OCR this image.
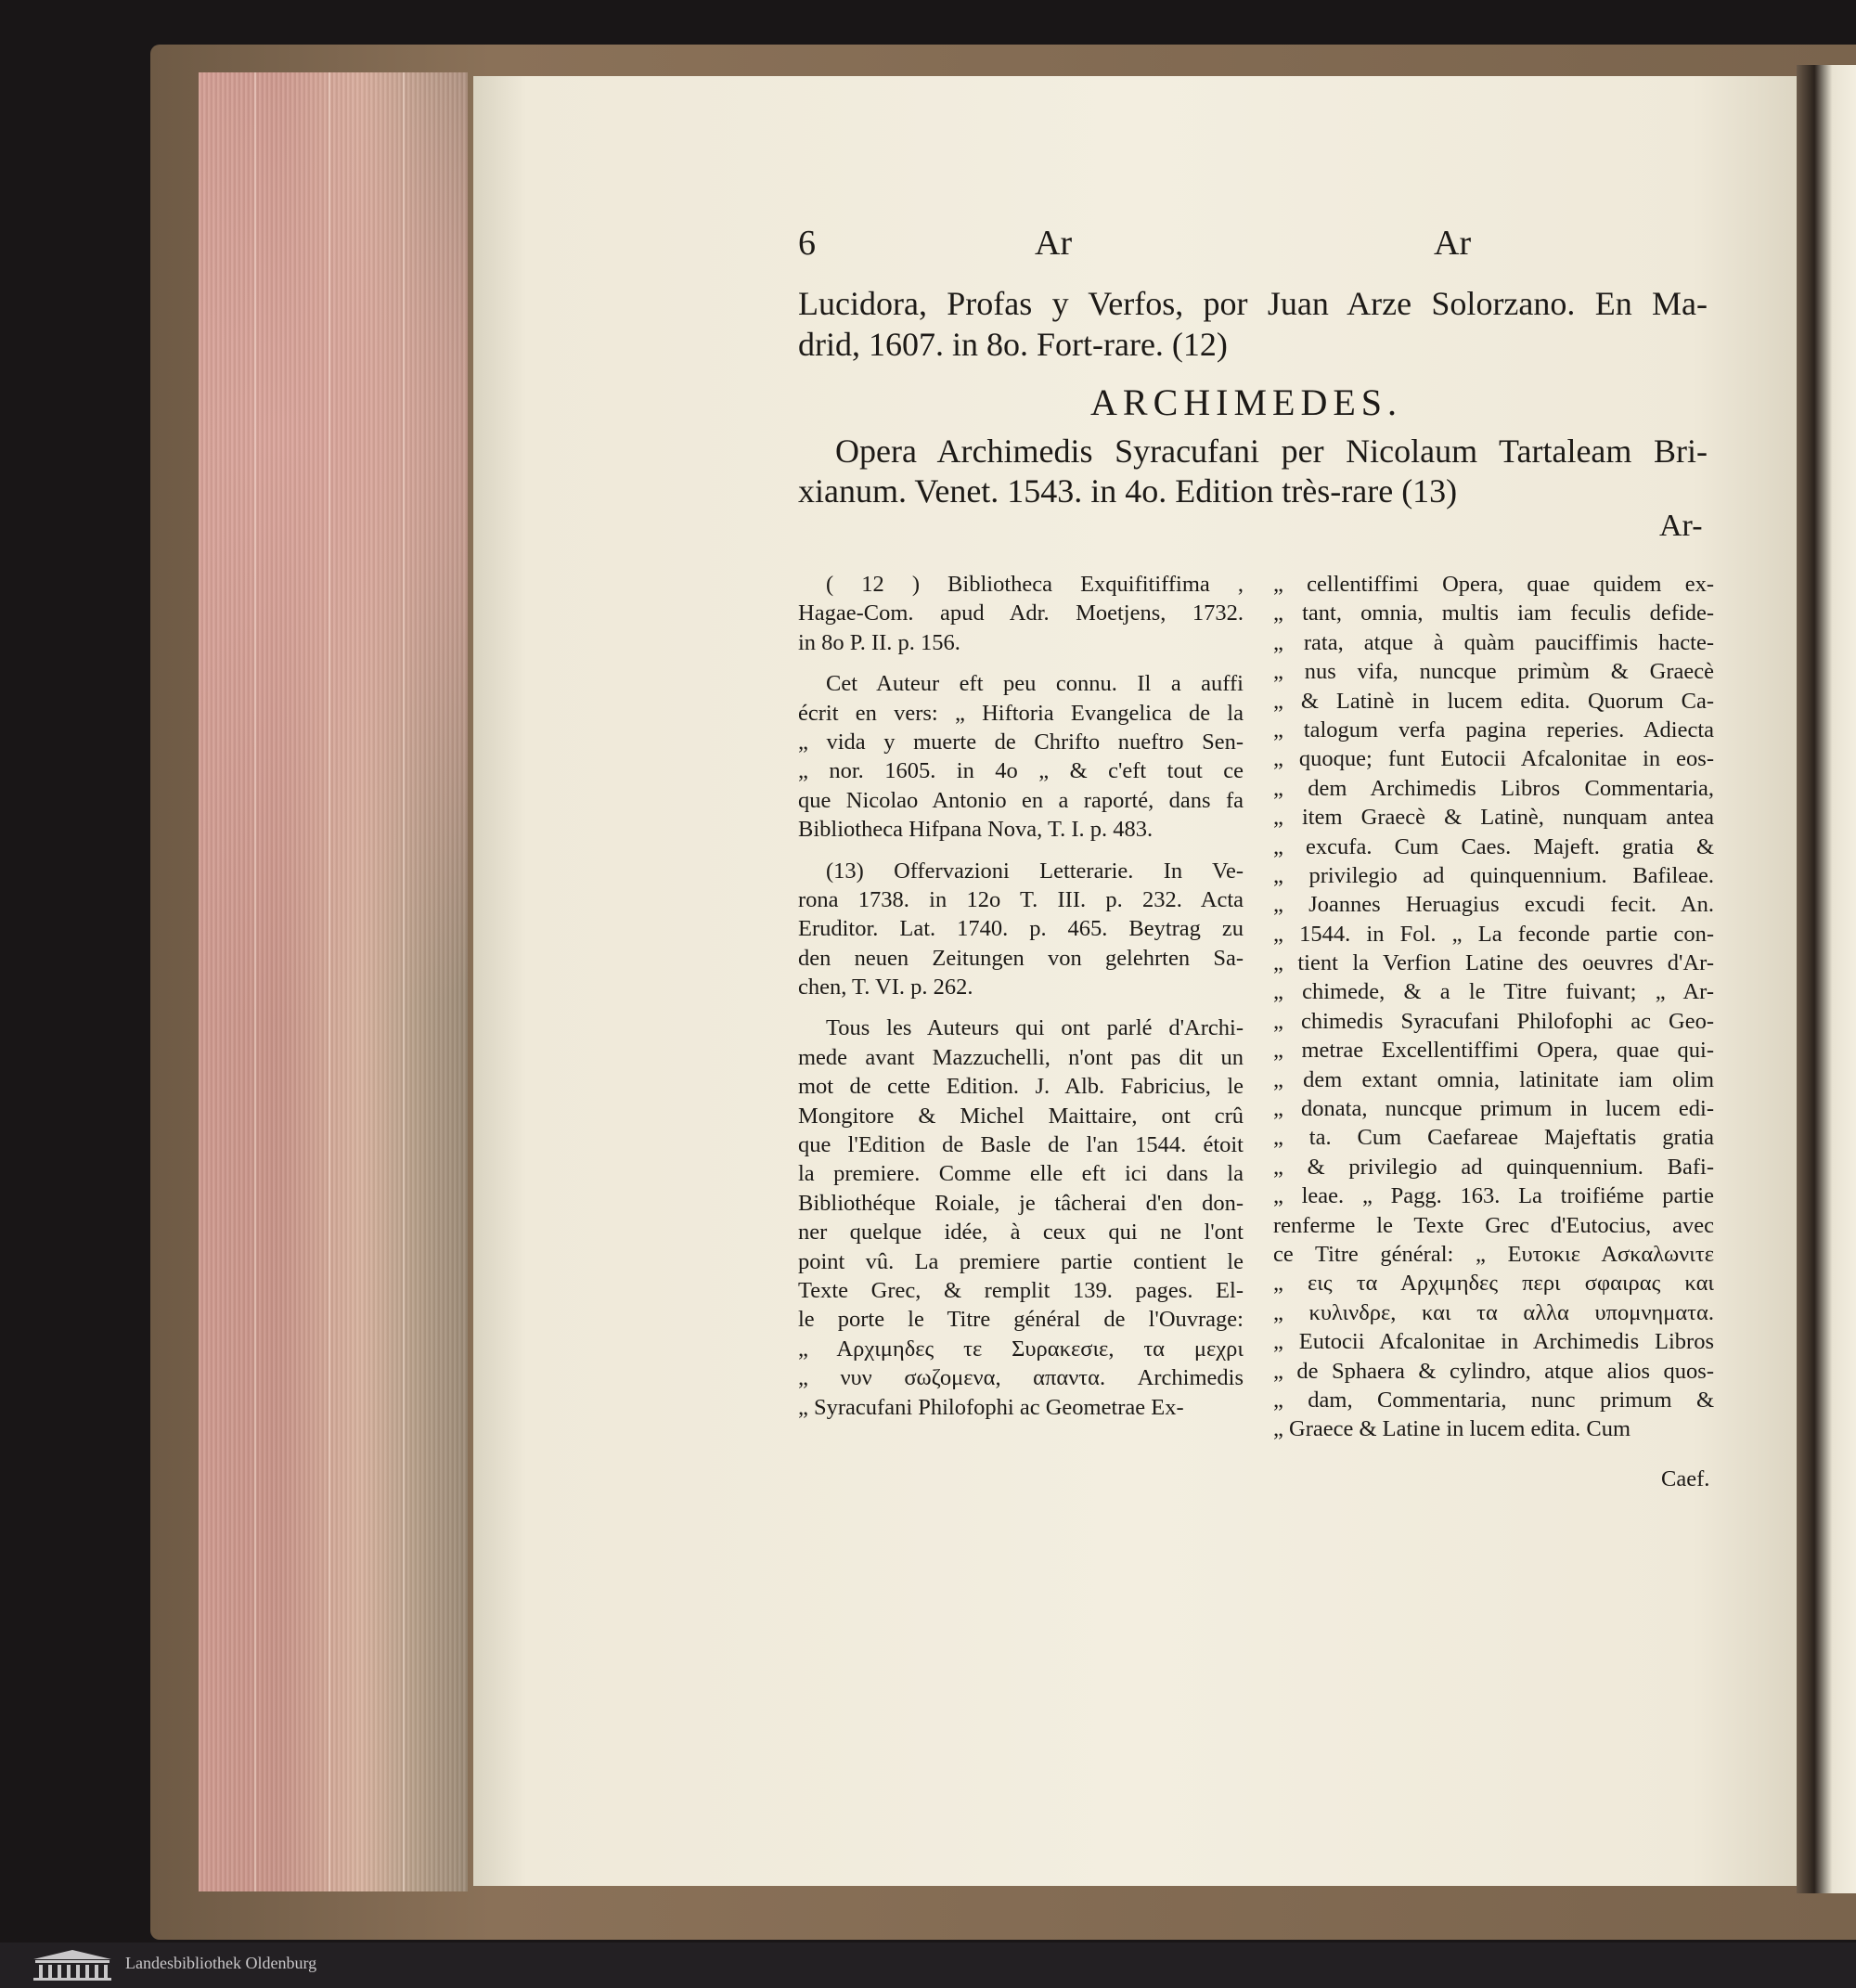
6	Ar	Ar
Lucidora, Profas y Verfos, por Juan Arze Solorzano. En Ma-
drid, 1607. in 8o. Fort-rare. (12)
ARCHIMEDES.
Opera Archimedis Syracufani per Nicolaum Tartaleam Bri-
xianum. Venet. 1543. in 4o. Edition très-rare (13)
Ar-
( 12 ) Bibliotheca Exquifitiffima ,
Hagae-Com. apud Adr. Moetjens, 1732.
in 8o P. II. p. 156.
Cet Auteur eft peu connu. Il a auffi
écrit en vers: „ Hiftoria Evangelica de la
„ vida y muerte de Chrifto nueftro Sen-
„ nor. 1605. in 4o „ & c'eft tout ce
que Nicolao Antonio en a raporté, dans fa
Bibliotheca Hifpana Nova, T. I. p. 483.
(13) Offervazioni Letterarie. In Ve-
rona 1738. in 12o T. III. p. 232. Acta
Eruditor. Lat. 1740. p. 465. Beytrag zu
den neuen Zeitungen von gelehrten Sa-
chen, T. VI. p. 262.
Tous les Auteurs qui ont parlé d'Archi-
mede avant Mazzuchelli, n'ont pas dit un
mot de cette Edition. J. Alb. Fabricius, le
Mongitore & Michel Maittaire, ont crû
que l'Edition de Basle de l'an 1544. étoit
la premiere. Comme elle eft ici dans la
Bibliothéque Roiale, je tâcherai d'en don-
ner quelque idée, à ceux qui ne l'ont
point vû. La premiere partie contient le
Texte Grec, & remplit 139. pages. El-
le porte le Titre général de l'Ouvrage:
„ Αρχιμηδες τε Συρακεσιε, τα μεχρι
„ νυν σωζομενα, απαντα. Archimedis
„ Syracufani Philofophi ac Geometrae Ex-
„ cellentiffimi Opera, quae quidem ex-
„ tant, omnia, multis iam feculis defide-
„ rata, atque à quàm pauciffimis hacte-
„ nus vifa, nuncque primùm & Graecè
„ & Latinè in lucem edita. Quorum Ca-
„ talogum verfa pagina reperies. Adiecta
„ quoque; funt Eutocii Afcalonitae in eos-
„ dem Archimedis Libros Commentaria,
„ item Graecè & Latinè, nunquam antea
„ excufa. Cum Caes. Majeft. gratia &
„ privilegio ad quinquennium. Bafileae.
„ Joannes Heruagius excudi fecit. An.
„ 1544. in Fol. „ La feconde partie con-
„ tient la Verfion Latine des oeuvres d'Ar-
„ chimede, & a le Titre fuivant; „ Ar-
„ chimedis Syracufani Philofophi ac Geo-
„ metrae Excellentiffimi Opera, quae qui-
„ dem extant omnia, latinitate iam olim
„ donata, nuncque primum in lucem edi-
„ ta. Cum Caefareae Majeftatis gratia
„ & privilegio ad quinquennium. Bafi-
„ leae. „ Pagg. 163. La troifiéme partie
renferme le Texte Grec d'Eutocius, avec
ce Titre général: „ Ευτοκιε Ασκαλωνιτε
„ εις τα Αρχιμηδες περι σφαιρας και
„ κυλινδρε, και τα αλλα υπομνηματα.
„ Eutocii Afcalonitae in Archimedis Libros
„ de Sphaera & cylindro, atque alios quos-
„ dam, Commentaria, nunc primum &
„ Graece & Latine in lucem edita. Cum
Caef.
Landesbibliothek Oldenburg
